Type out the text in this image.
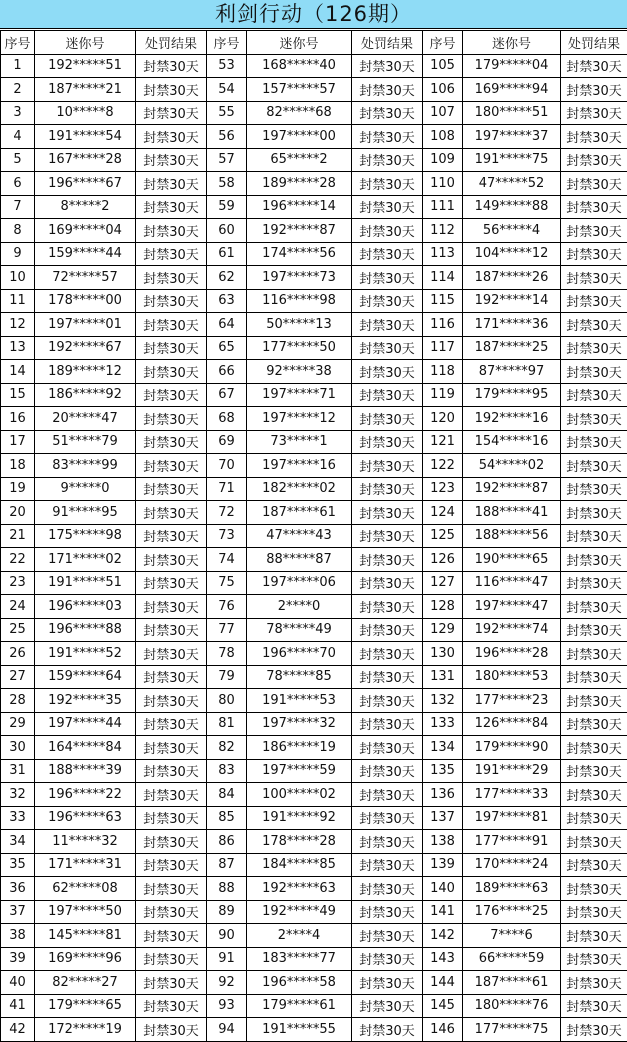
利剑行动（126期）
序号	迷你号	处罚结果	序号	迷你号	处罚结果	序号	迷你号	处罚结果
1	192*****51	封禁30天	53	168*****40	封禁30天	105	179*****04	封禁30天
2	187*****21	封禁30天	54	157*****57	封禁30天	106	169*****94	封禁30天
3	10*****8	封禁30天	55	82*****68	封禁30天	107	180*****51	封禁30天
4	191*****54	封禁30天	56	197*****00	封禁30天	108	197*****37	封禁30天
5	167*****28	封禁30天	57	65*****2	封禁30天	109	191*****75	封禁30天
6	196*****67	封禁30天	58	189*****28	封禁30天	110	47*****52	封禁30天
7	8*****2	封禁30天	59	196*****14	封禁30天	111	149*****88	封禁30天
8	169*****04	封禁30天	60	192*****87	封禁30天	112	56*****4	封禁30天
9	159*****44	封禁30天	61	174*****56	封禁30天	113	104*****12	封禁30天
10	72*****57	封禁30天	62	197*****73	封禁30天	114	187*****26	封禁30天
11	178*****00	封禁30天	63	116*****98	封禁30天	115	192*****14	封禁30天
12	197*****01	封禁30天	64	50*****13	封禁30天	116	171*****36	封禁30天
13	192*****67	封禁30天	65	177*****50	封禁30天	117	187*****25	封禁30天
14	189*****12	封禁30天	66	92*****38	封禁30天	118	87*****97	封禁30天
15	186*****92	封禁30天	67	197*****71	封禁30天	119	179*****95	封禁30天
16	20*****47	封禁30天	68	197*****12	封禁30天	120	192*****16	封禁30天
17	51*****79	封禁30天	69	73*****1	封禁30天	121	154*****16	封禁30天
18	83*****99	封禁30天	70	197*****16	封禁30天	122	54*****02	封禁30天
19	9*****0	封禁30天	71	182*****02	封禁30天	123	192*****87	封禁30天
20	91*****95	封禁30天	72	187*****61	封禁30天	124	188*****41	封禁30天
21	175*****98	封禁30天	73	47*****43	封禁30天	125	188*****56	封禁30天
22	171*****02	封禁30天	74	88*****87	封禁30天	126	190*****65	封禁30天
23	191*****51	封禁30天	75	197*****06	封禁30天	127	116*****47	封禁30天
24	196*****03	封禁30天	76	2****0	封禁30天	128	197*****47	封禁30天
25	196*****88	封禁30天	77	78*****49	封禁30天	129	192*****74	封禁30天
26	191*****52	封禁30天	78	196*****70	封禁30天	130	196*****28	封禁30天
27	159*****64	封禁30天	79	78*****85	封禁30天	131	180*****53	封禁30天
28	192*****35	封禁30天	80	191*****53	封禁30天	132	177*****23	封禁30天
29	197*****44	封禁30天	81	197*****32	封禁30天	133	126*****84	封禁30天
30	164*****84	封禁30天	82	186*****19	封禁30天	134	179*****90	封禁30天
31	188*****39	封禁30天	83	197*****59	封禁30天	135	191*****29	封禁30天
32	196*****22	封禁30天	84	100*****02	封禁30天	136	177*****33	封禁30天
33	196*****63	封禁30天	85	191*****92	封禁30天	137	197*****81	封禁30天
34	11*****32	封禁30天	86	178*****28	封禁30天	138	177*****91	封禁30天
35	171*****31	封禁30天	87	184*****85	封禁30天	139	170*****24	封禁30天
36	62*****08	封禁30天	88	192*****63	封禁30天	140	189*****63	封禁30天
37	197*****50	封禁30天	89	192*****49	封禁30天	141	176*****25	封禁30天
38	145*****81	封禁30天	90	2****4	封禁30天	142	7****6	封禁30天
39	169*****96	封禁30天	91	183*****77	封禁30天	143	66*****59	封禁30天
40	82*****27	封禁30天	92	196*****58	封禁30天	144	187*****61	封禁30天
41	179*****65	封禁30天	93	179*****61	封禁30天	145	180*****76	封禁30天
42	172*****19	封禁30天	94	191*****55	封禁30天	146	177*****75	封禁30天
